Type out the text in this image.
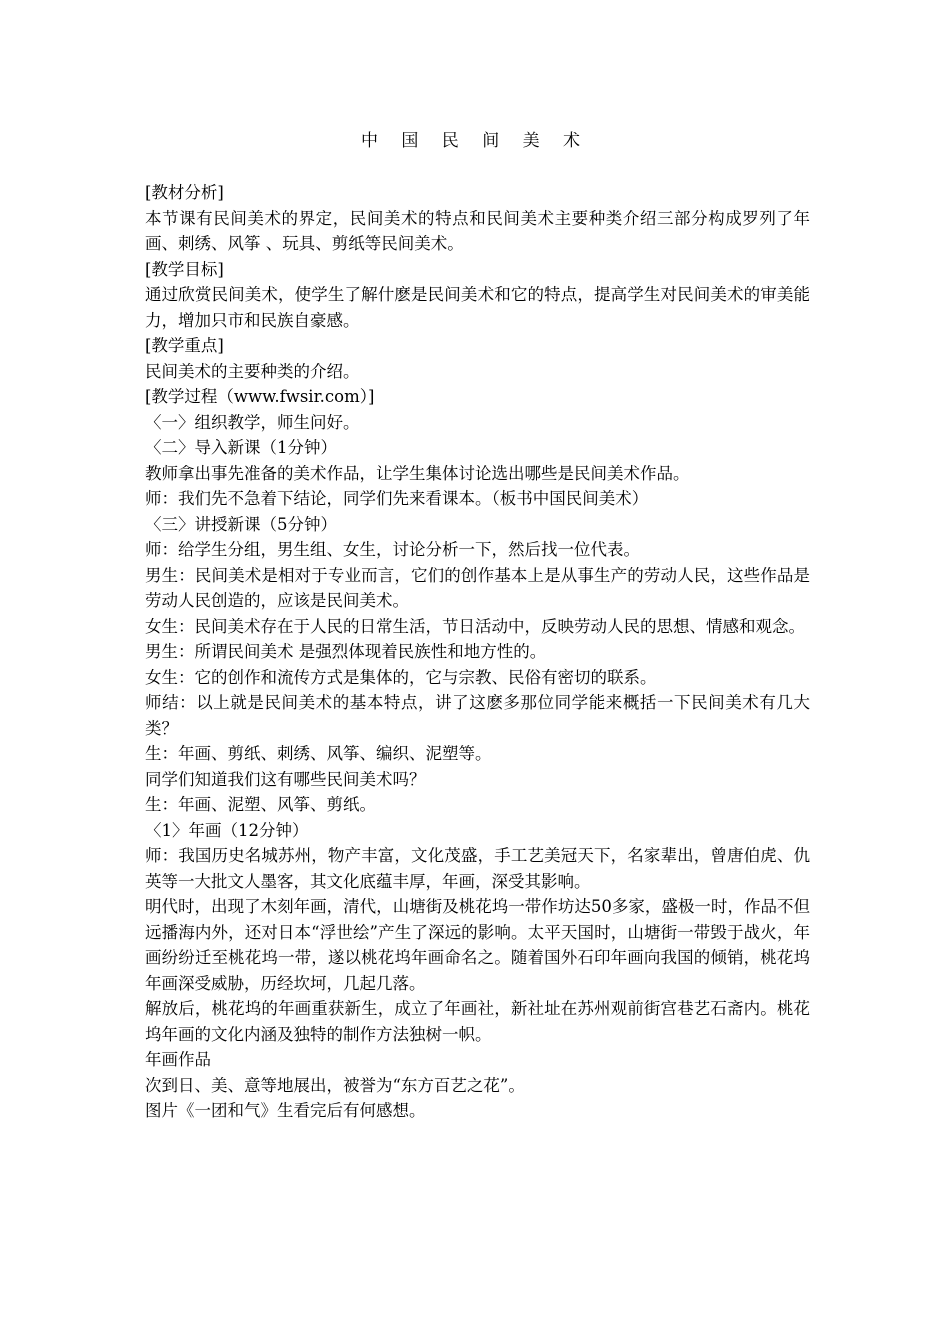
中 国 民 间 美 术

[教材分析]

本节课有民间美术的界定，民间美术的特点和民间美术主要种类介绍三部分构成罗列了年画、刺绣、风筝 、玩具、剪纸等民间美术。

[教学目标]

通过欣赏民间美术，使学生了解什麽是民间美术和它的特点，提高学生对民间美术的审美能力，增加只市和民族自豪感。

[教学重点]

民间美术的主要种类的介绍。

[教学过程（www.fwsir.com）]

〈一〉组织教学，师生问好。

〈二〉导入新课（1分钟）

教师拿出事先准备的美术作品，让学生集体讨论选出哪些是民间美术作品。

师：我们先不急着下结论，同学们先来看课本。（板书中国民间美术）

〈三〉讲授新课（5分钟）

师：给学生分组，男生组、女生，讨论分析一下，然后找一位代表。

男生：民间美术是相对于专业而言，它们的创作基本上是从事生产的劳动人民，这些作品是劳动人民创造的，应该是民间美术。

女生：民间美术存在于人民的日常生活，节日活动中，反映劳动人民的思想、情感和观念。

男生：所谓民间美术 是强烈体现着民族性和地方性的。

女生：它的创作和流传方式是集体的，它与宗教、民俗有密切的联系。

师结：以上就是民间美术的基本特点，讲了这麽多那位同学能来概括一下民间美术有几大类？

生：年画、剪纸、刺绣、风筝、编织、泥塑等。

同学们知道我们这有哪些民间美术吗？

生：年画、泥塑、风筝、剪纸。

〈1〉年画（12分钟）

师：我国历史名城苏州，物产丰富，文化茂盛，手工艺美冠天下，名家辈出，曾唐伯虎、仇英等一大批文人墨客，其文化底蕴丰厚，年画，深受其影响。

明代时，出现了木刻年画，清代，山塘街及桃花坞一带作坊达50多家，盛极一时，作品不但远播海内外，还对日本“浮世绘”产生了深远的影响。太平天国时，山塘街一带毁于战火，年画纷纷迁至桃花坞一带，遂以桃花坞年画命名之。随着国外石印年画向我国的倾销，桃花坞年画深受威胁，历经坎坷，几起几落。

解放后，桃花坞的年画重获新生，成立了年画社，新社址在苏州观前街宫巷艺石斋内。桃花坞年画的文化内涵及独特的制作方法独树一帜。

年画作品

次到日、美、意等地展出，被誉为“东方百艺之花”。

图片《一团和气》生看完后有何感想。
